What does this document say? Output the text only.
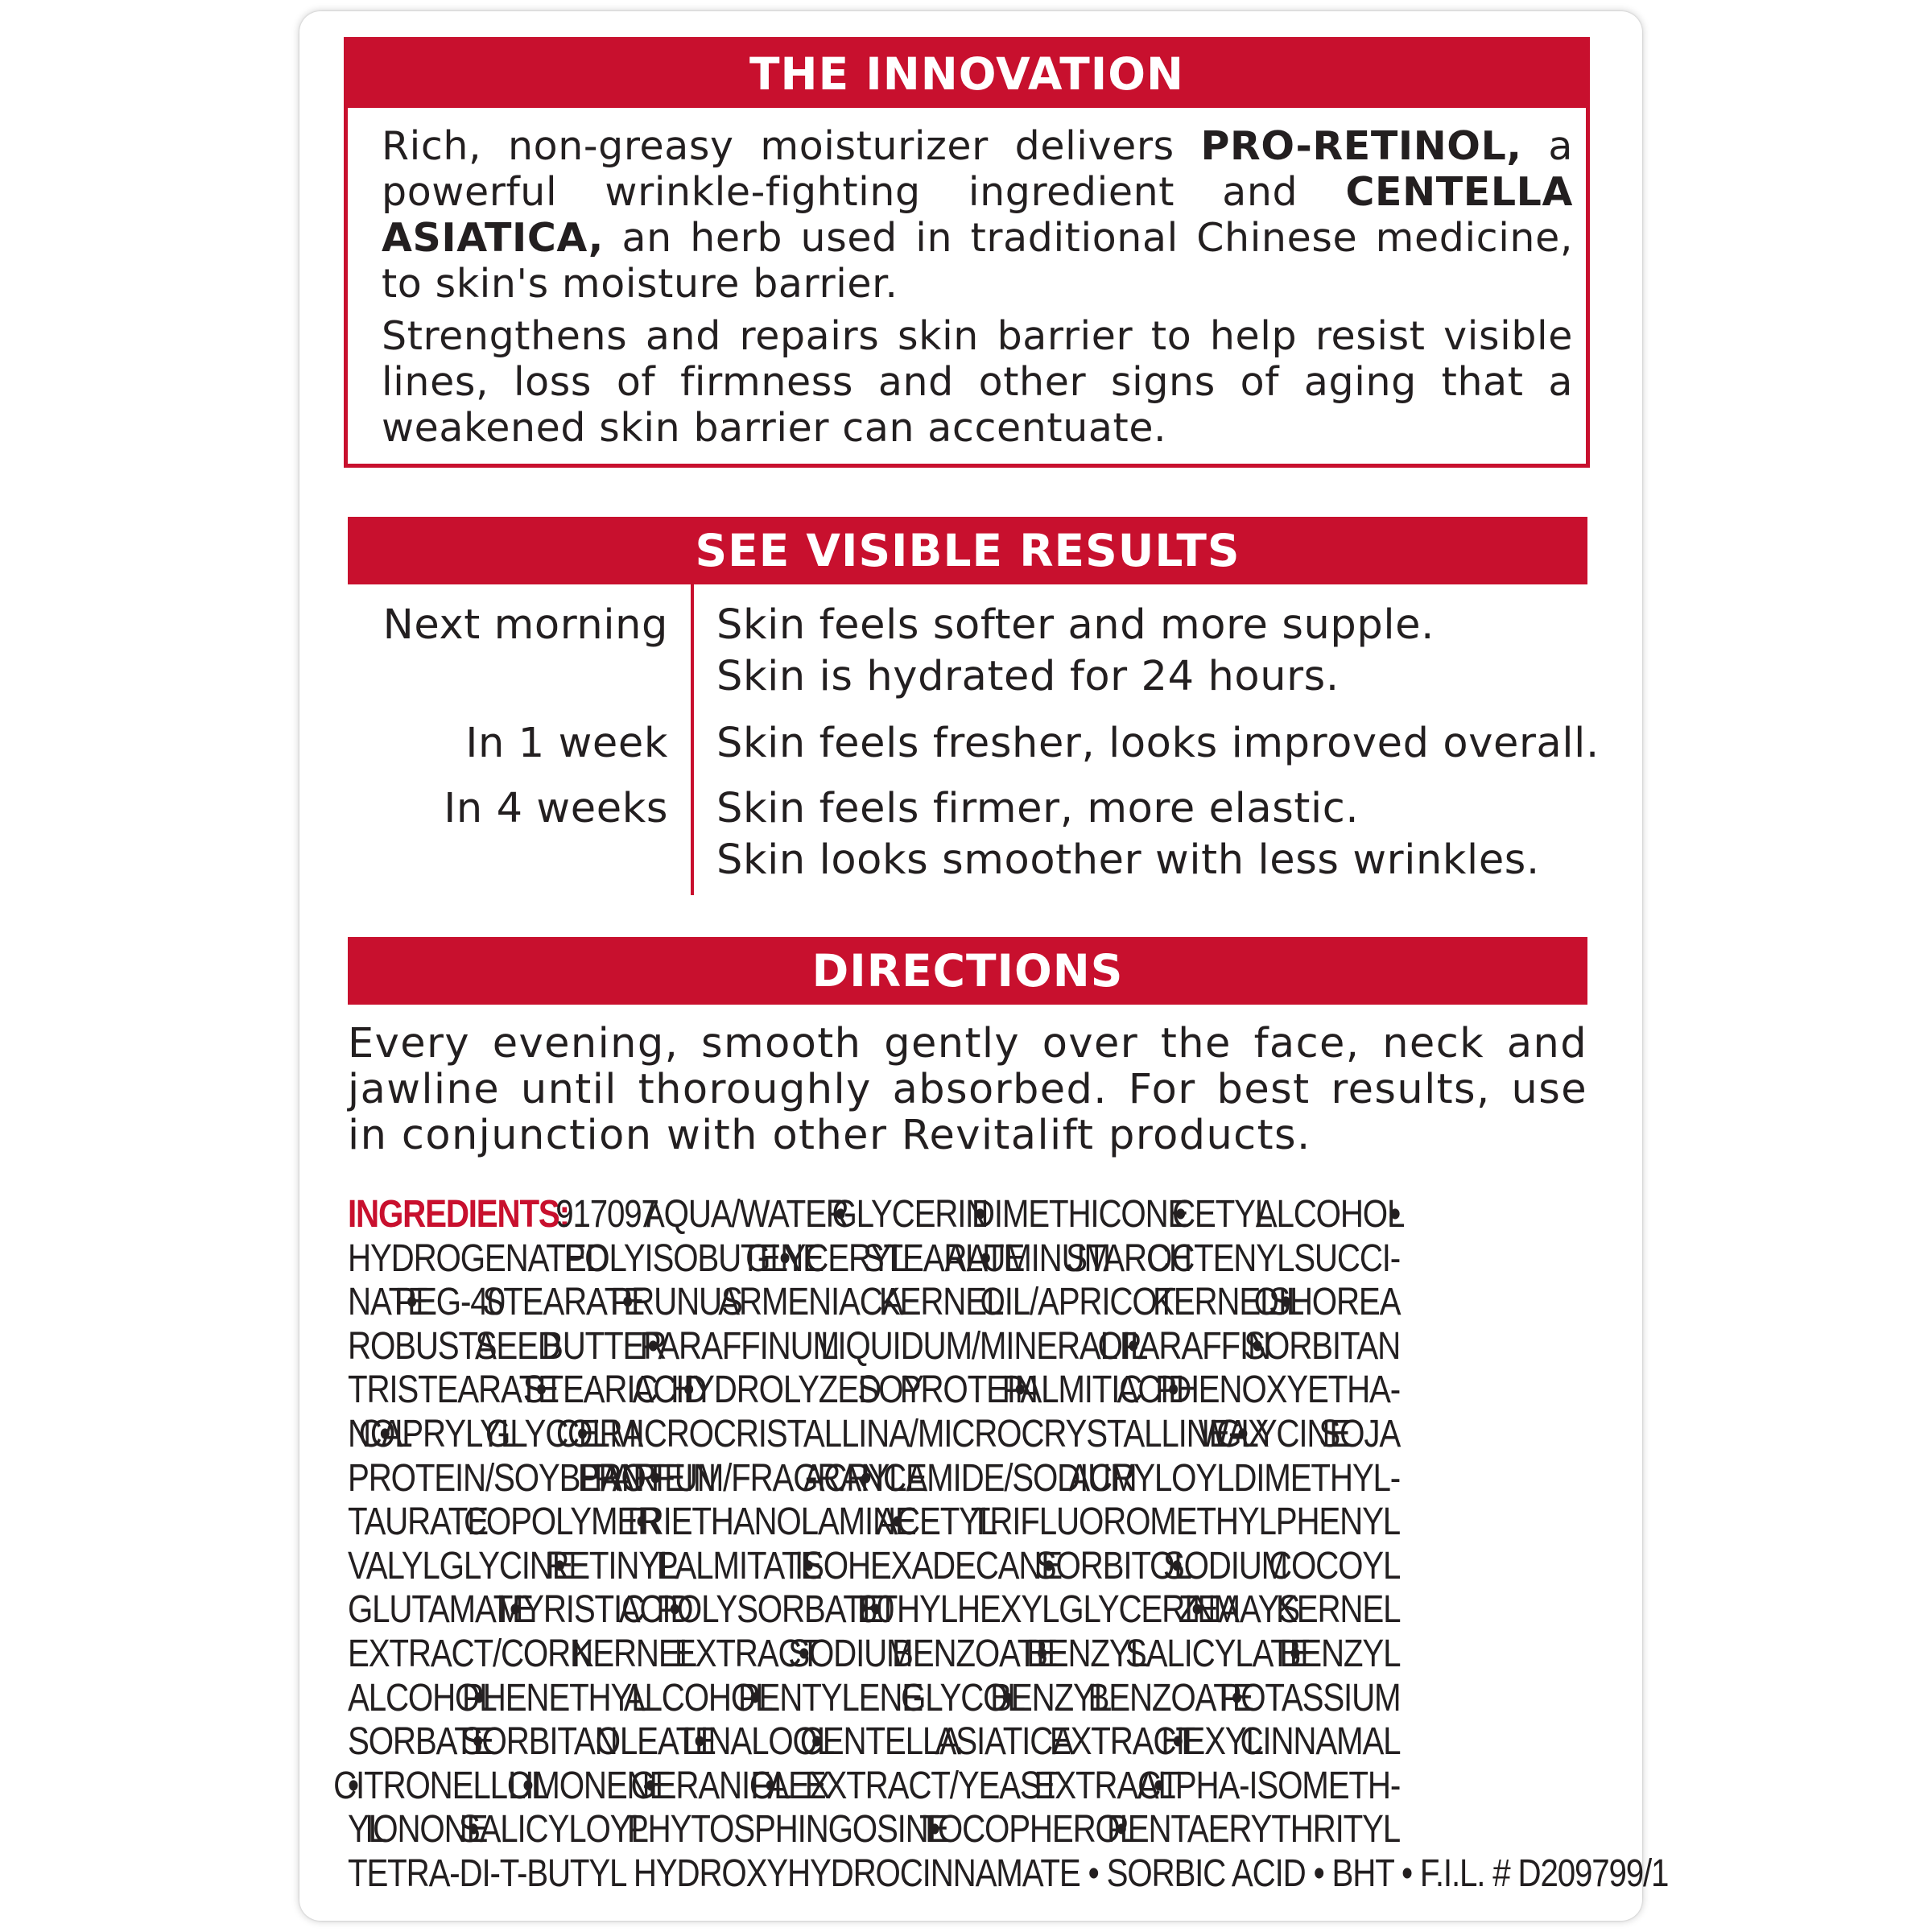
THE INNOVATION

Rich, non-greasy moisturizer delivers PRO-RETINOL, a powerful wrinkle-fighting ingredient and CENTELLA ASIATICA, an herb used in traditional Chinese medicine, to skin's moisture barrier.

Strengthens and repairs skin barrier to help resist visible lines, loss of firmness and other signs of aging that a weakened skin barrier can accentuate.

SEE VISIBLE RESULTS
Next morning Skin feels softer and more supple.
Skin is hydrated for 24 hours.
In 1 week Skin feels fresher, looks improved overall.
In 4 weeks Skin feels firmer, more elastic.
Skin looks smoother with less wrinkles.
DIRECTIONS
Every evening, smooth gently over the face, neck and jawline until thoroughly absorbed. For best results, use in conjunction with other Revitalift products.
INGREDIENTS: 917097 AQUA/WATER • GLYCERIN • DIMETHICONE • CETYL ALCOHOL •
HYDROGENATED POLYISOBUTENE • GLYCERYL STEARATE • ALUMINUM STARCH OCTENYLSUCCI-
NATE • PEG-40 STEARATE • PRUNUS ARMENIACA KERNEL OIL/APRICOT KERNEL OIL • SHOREA
ROBUSTA SEED BUTTER • PARAFFINUM LIQUIDUM/MINERAL OIL • PARAFFIN • SORBITAN
TRISTEARATE • STEARIC ACID • HYDROLYZED SOY PROTEIN • PALMITIC ACID • PHENOXYETHA-
NOL • CAPRYLYL GLYCOL • CERA MICROCRISTALLINA/MICROCRYSTALLINE WAX • GLYCINE SOJA
PROTEIN/SOYBEAN PROTEIN • PARFUM/FRAGRANCE • ACRYLAMIDE/SODIUM ACRYLOYLDIMETHYL-
TAURATE COPOLYMER • TRIETHANOLAMINE • ACETYL TRIFLUOROMETHYLPHENYL
VALYLGLYCINE • RETINYL PALMITATE • ISOHEXADECANE • SORBITOL • SODIUM COCOYL
GLUTAMATE • MYRISTIC ACID • POLYSORBATE 80 • ETHYLHEXYLGLYCERIN • ZEA MAYS KERNEL
EXTRACT/CORN KERNEL EXTRACT • SODIUM BENZOATE • BENZYL SALICYLATE • BENZYL
ALCOHOL • PHENETHYL ALCOHOL • PENTYLENE GLYCOL • BENZYL BENZOATE • POTASSIUM
SORBATE • SORBITAN OLEATE • LINALOOL • CENTELLA ASIATICA EXTRACT • HEXYL CINNAMAL
• CITRONELLOL • LIMONENE • GERANIOL • FAEX EXTRACT/YEAST EXTRACT • ALPHA-ISOMETH-
YL IONONE • SALICYLOYL PHYTOSPHINGOSINE • TOCOPHEROL • PENTAERYTHRITYL
TETRA-DI-T-BUTYL HYDROXYHYDROCINNAMATE • SORBIC ACID • BHT • F.I.L. # D209799/1
